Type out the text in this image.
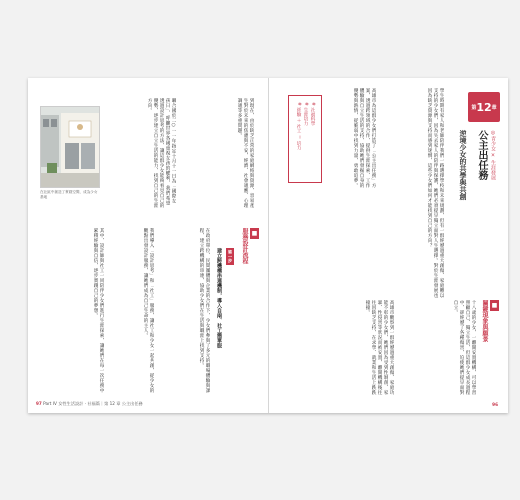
第 12 章
◎青少女 × 生涯發展
公主出任務
逆境少女的共學與共創
學生時期有家人和老師陪伴我們一路選擇學校和未來規劃，但有一群經歷過重大創傷、家庭難以支持的少女們，因為失去家人的陪伴與保護，她們必須提早獨立面對人生選擇。對於生涯發展也因為缺乏資源與支持而感到迷惘，這些少女們如何才能找到自己的方向？
# 社福科學
# 生涯培力
# 經驗 ＋ 社工 ＝ 培力	高雄市為這群少女們打造了「公主出任務」方案，透過跨領域的合作，提供生涯探索、工作體驗與自立生活的支持，協助她們發掘自身的優勢與熱情，從脆弱中找到力量，勇敢追夢。
■
關鍵現象與願景
十八歲的少女，一離開安置機構，可以學習照顧自己、獨立生活，但這群少女成長過程中，卻經歷了各種傷害，迫使她們提早面對自立。
高雄市觀察到一群經歷過重大創傷、家庭功能不彰的少女們，她們因為受到性剝削、家暴、性侵害等狀況而被安置，離開機構後往往因缺乏支持，在求學、就業和生活上跌跌撞撞。
96
到現在，由於缺乏正常的家庭網絡與資源，容易產生對於未來的焦慮與不安，經濟、社會適應、心理調適等多重問題。
聯合國於二○一一年指定十月十一日為「國際女孩日」，呼籲世界各國重視女孩的權利，我們希望透過設計思考的方法，讓這群少女能夠看見自己的優勢，逐步建立自立生活的能力，找到自己的生涯方向。
在社區中創造了實踐空間，成為少女基地
■
服務設計流程
第一步
建立跨機構串連機制，導入自兩、社工簡單服
在政府單位、民間團體與企業的合作下，少女們參與了多元的職場體驗與課程，建立跨機構的串連，協助少女們在生活與職涯上找到支持。
我們導入「設計思考」和「社工」服務，讓社工和少女一起共創，從少女的觀點出發設計服務，讓她們成為自己生命的主人。
其中，設計師與社工一同陪伴少女們進行生涯探索，讓她們在每一次任務中累積經驗與自信，逐步實踐自己的夢想。
97 Part IV 女性生活設計 · 社福篇｜第 12 章 公主出任務
